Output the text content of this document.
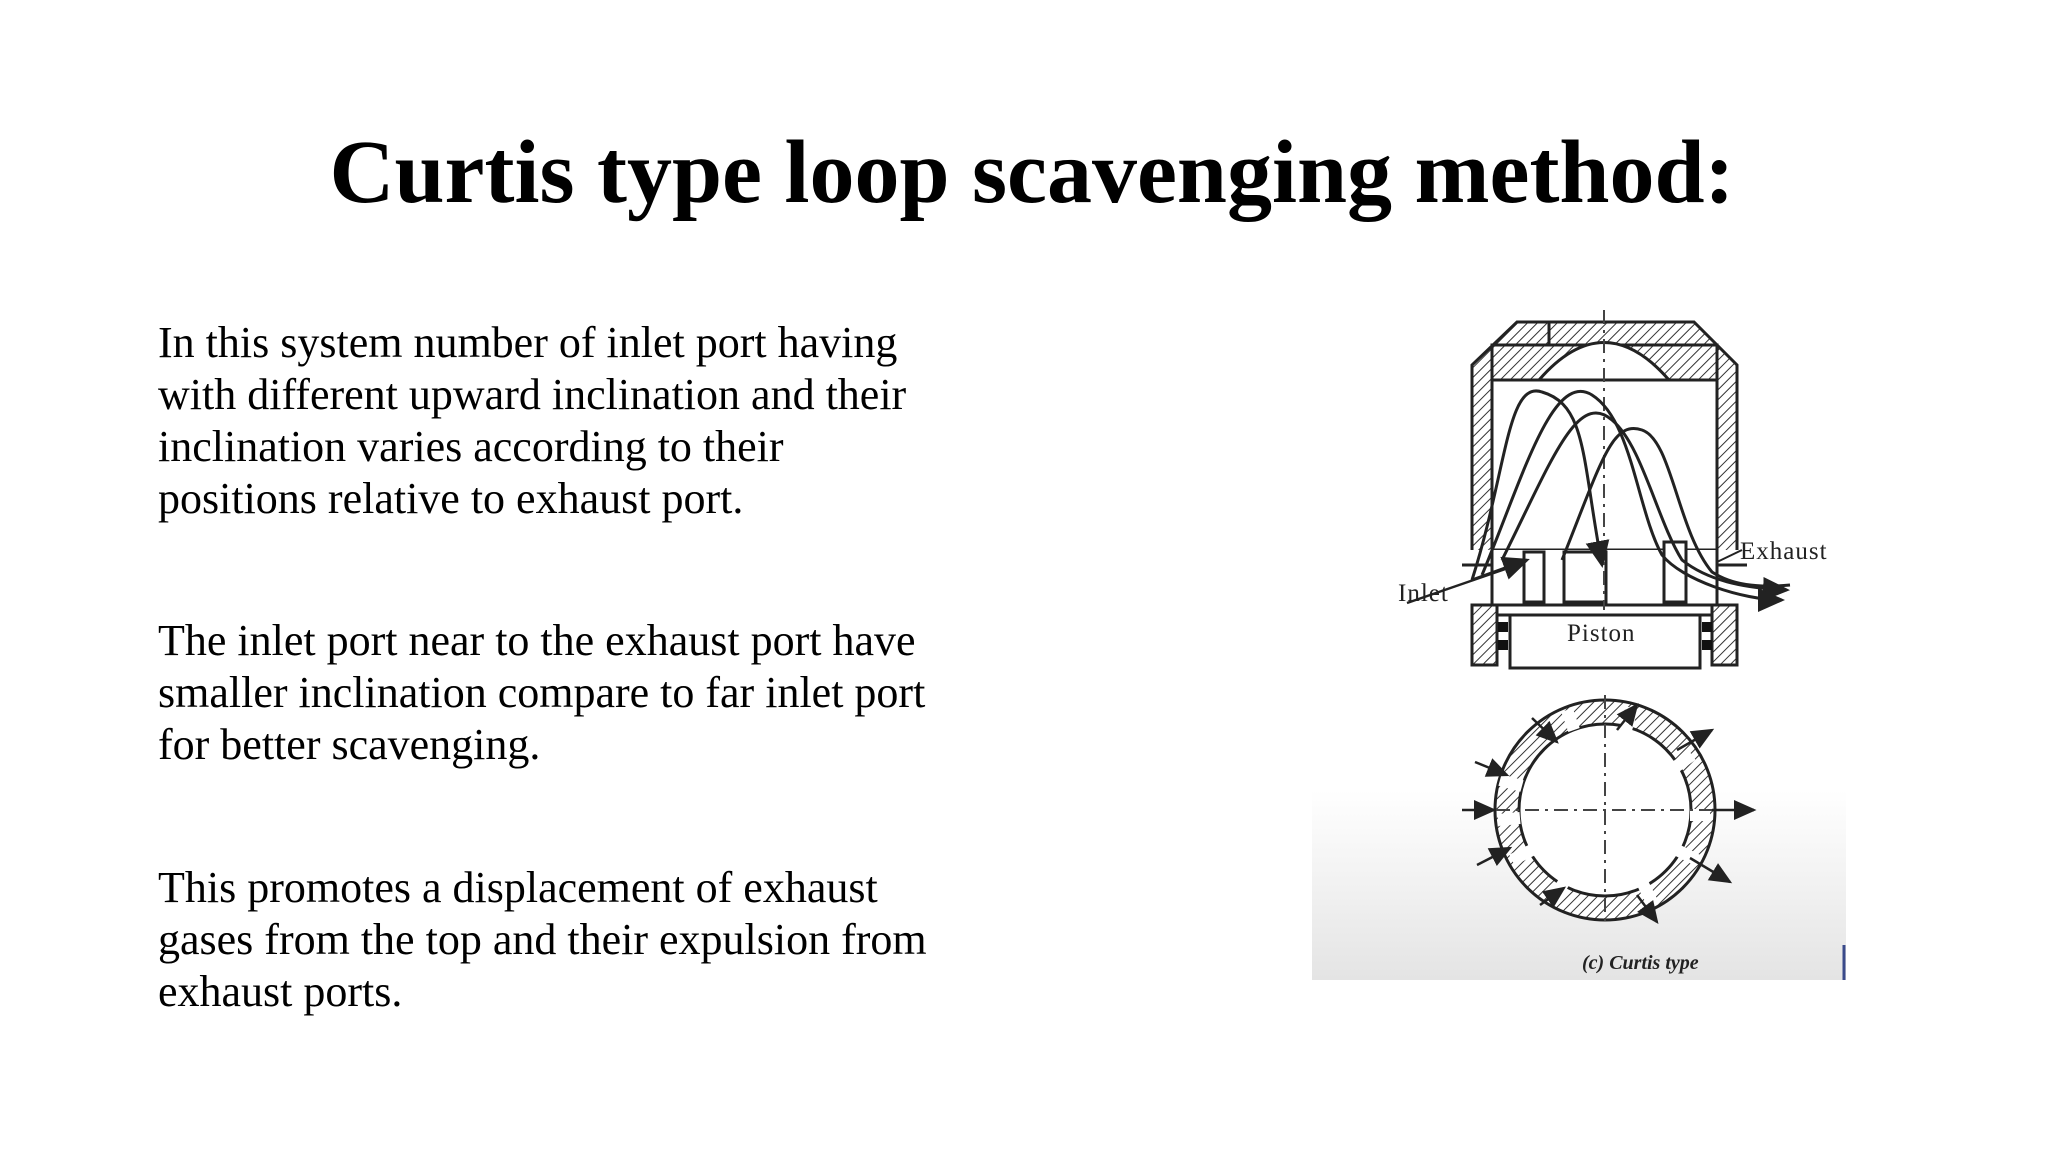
Curtis type loop scavenging method:
In this system number of inlet port having
with different upward inclination and their
inclination varies according to their
positions relative to exhaust port.
The inlet port near to the exhaust port have
smaller inclination compare to far inlet port
for better scavenging.
This promotes a displacement of exhaust
gases from the top and their expulsion from
exhaust ports.

Exhaust

Inlet

Piston

(c) Curtis type
